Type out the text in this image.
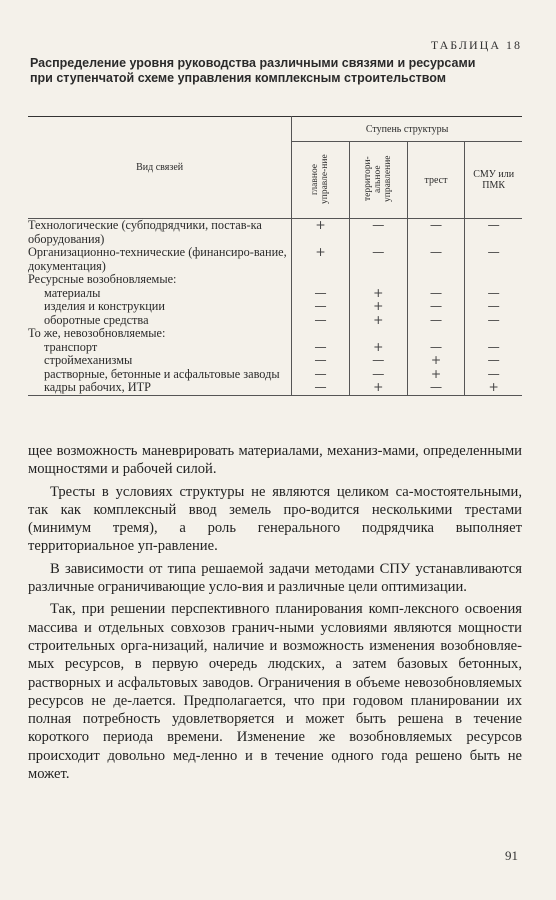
ТАБЛИЦА 18
Распределение уровня руководства различными связями и ресурсами при ступенчатой схеме управления комплексным строительством
Вид связей	Ступень структуры			
	главное управле-ние	территори-альное управление	трест	СМУ или ПМК
Технологические (субподрядчики, постав-ка оборудования)	+	—	—	—
Организационно-технические (финансиро-вание, документация)	+	—	—	—
Ресурсные возобновляемые:				
материалы	—	+	—	—
изделия и конструкции	—	+	—	—
оборотные средства	—	+	—	—
То же, невозобновляемые:				
транспорт	—	+	—	—
строймеханизмы	—	—	+	—
растворные, бетонные и асфальтовые заводы	—	—	+	—
кадры рабочих, ИТР	—	+	—	+

щее возможность маневрировать материалами, механиз-мами, определенными мощностями и рабочей силой.

Тресты в условиях структуры не являются целиком са-мостоятельными, так как комплексный ввод земель про-водится несколькими трестами (минимум тремя), а роль генерального подрядчика выполняет территориальное уп-равление.

В зависимости от типа решаемой задачи методами СПУ устанавливаются различные ограничивающие усло-вия и различные цели оптимизации.

Так, при решении перспективного планирования комп-лексного освоения массива и отдельных совхозов гранич-ными условиями являются мощности строительных орга-низаций, наличие и возможность изменения возобновляе-мых ресурсов, в первую очередь людских, а затем базовых бетонных, растворных и асфальтовых заводов. Ограничения в объеме невозобновляемых ресурсов не де-лается. Предполагается, что при годовом планировании их полная потребность удовлетворяется и может быть решена в течение короткого периода времени. Изменение же возобновляемых ресурсов происходит довольно мед-ленно и в течение одного года решено быть не может.

91
